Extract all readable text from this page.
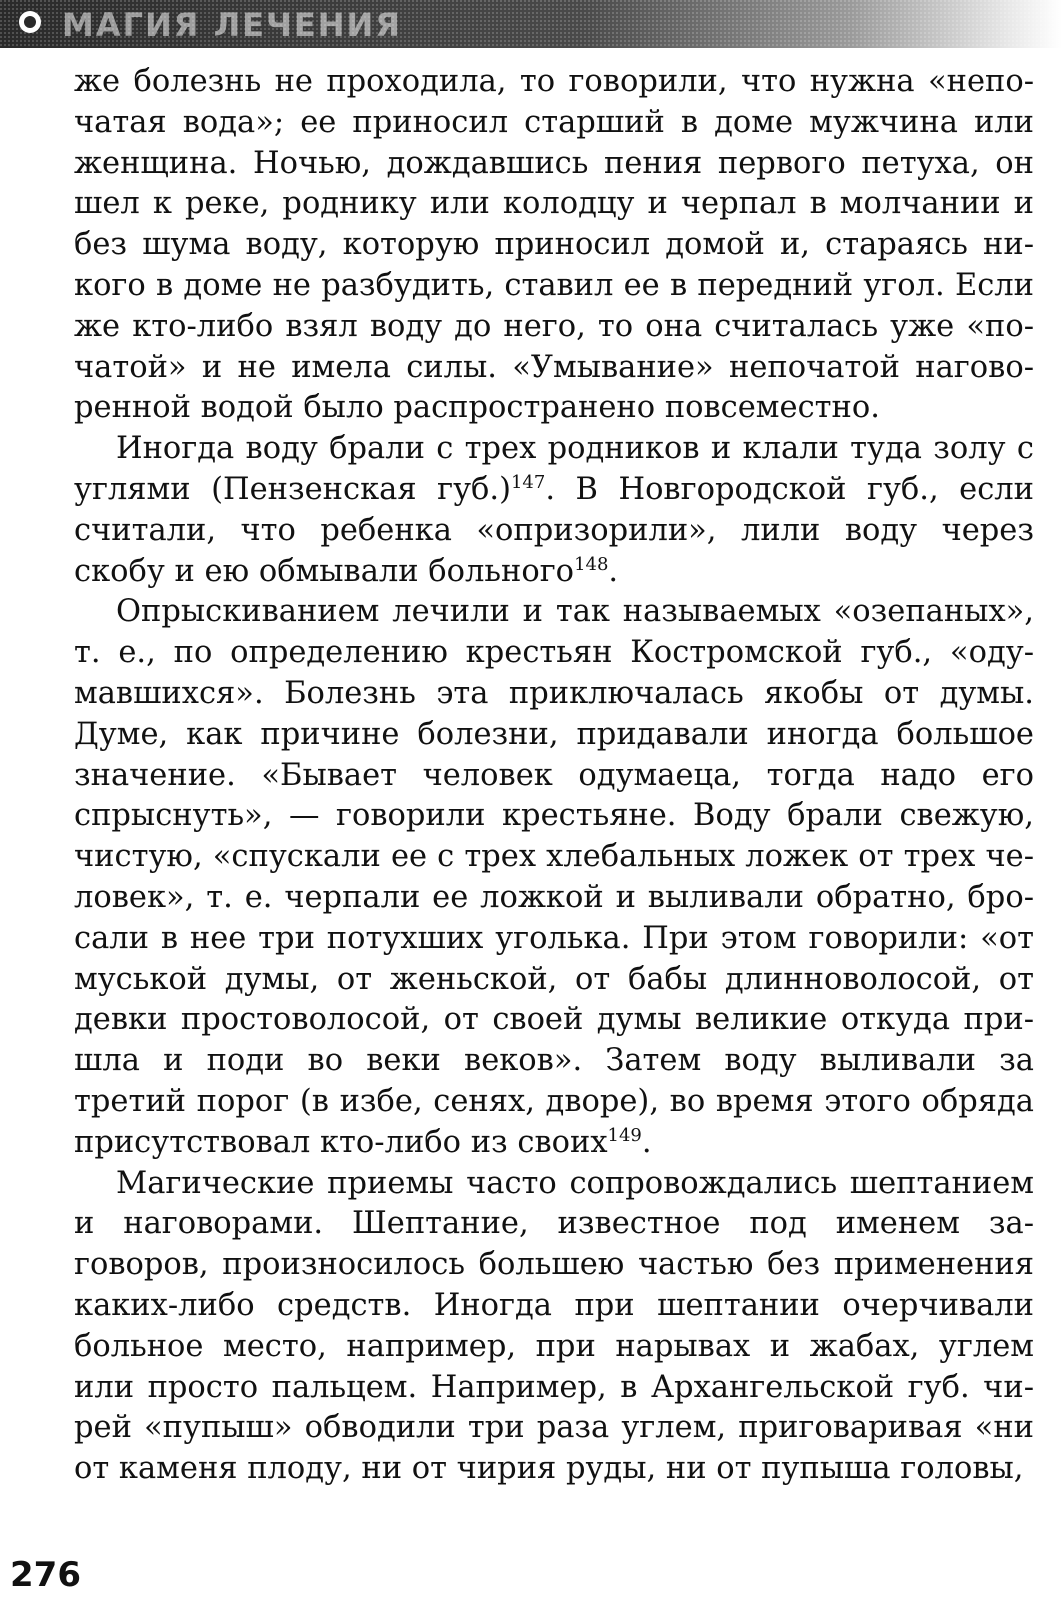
МАГИЯ ЛЕЧЕНИЯ

же болезнь не проходила, то говорили, что нужна «непочатая вода»; ее приносил старший в доме мужчина или женщина. Ночью, дождавшись пения первого петуха, он шел к реке, роднику или колодцу и черпал в молчании и без шума воду, которую приносил домой и, стараясь никого в доме не разбудить, ставил ее в передний угол. Если же кто-либо взял воду до него, то она считалась уже «початой» и не имела силы. «Умывание» непочатой наговоренной водой было распространено повсеместно.

Иногда воду брали с трех родников и клали туда золу с углями (Пензенская губ.)$^{147}$. В Новгородской губ., если считали, что ребенка «опризорили», лили воду через скобу и ею обмывали больного$^{148}$.

Опрыскиванием лечили и так называемых «озепаных», т. е., по определению крестьян Костромской губ., «одумавшихся». Болезнь эта приключалась якобы от думы. Думе, как причине болезни, придавали иногда большое значение. «Бывает человек одумаеца, тогда надо его спрыснуть», — говорили крестьяне. Воду брали свежую, чистую, «спускали ее с трех хлебальных ложек от трех человек», т. е. черпали ее ложкой и выливали обратно, бросали в нее три потухших уголька. При этом говорили: «от муськой думы, от женьской, от бабы длинноволосой, от девки простоволосой, от своей думы великие откуда пришла и поди во веки веков». Затем воду выливали за третий порог (в избе, сенях, дворе), во время этого обряда присутствовал кто-либо из своих$^{149}$.

Магические приемы часто сопровождались шептанием и наговорами. Шептание, известное под именем заговоров, произносилось большею частью без применения каких-либо средств. Иногда при шептании очерчивали больное место, например, при нарывах и жабах, углем или просто пальцем. Например, в Архангельской губ. чирей «пупыш» обводили три раза углем, приговаривая «ни от каменя плоду, ни от чирия руды, ни от пупыша головы,

276
